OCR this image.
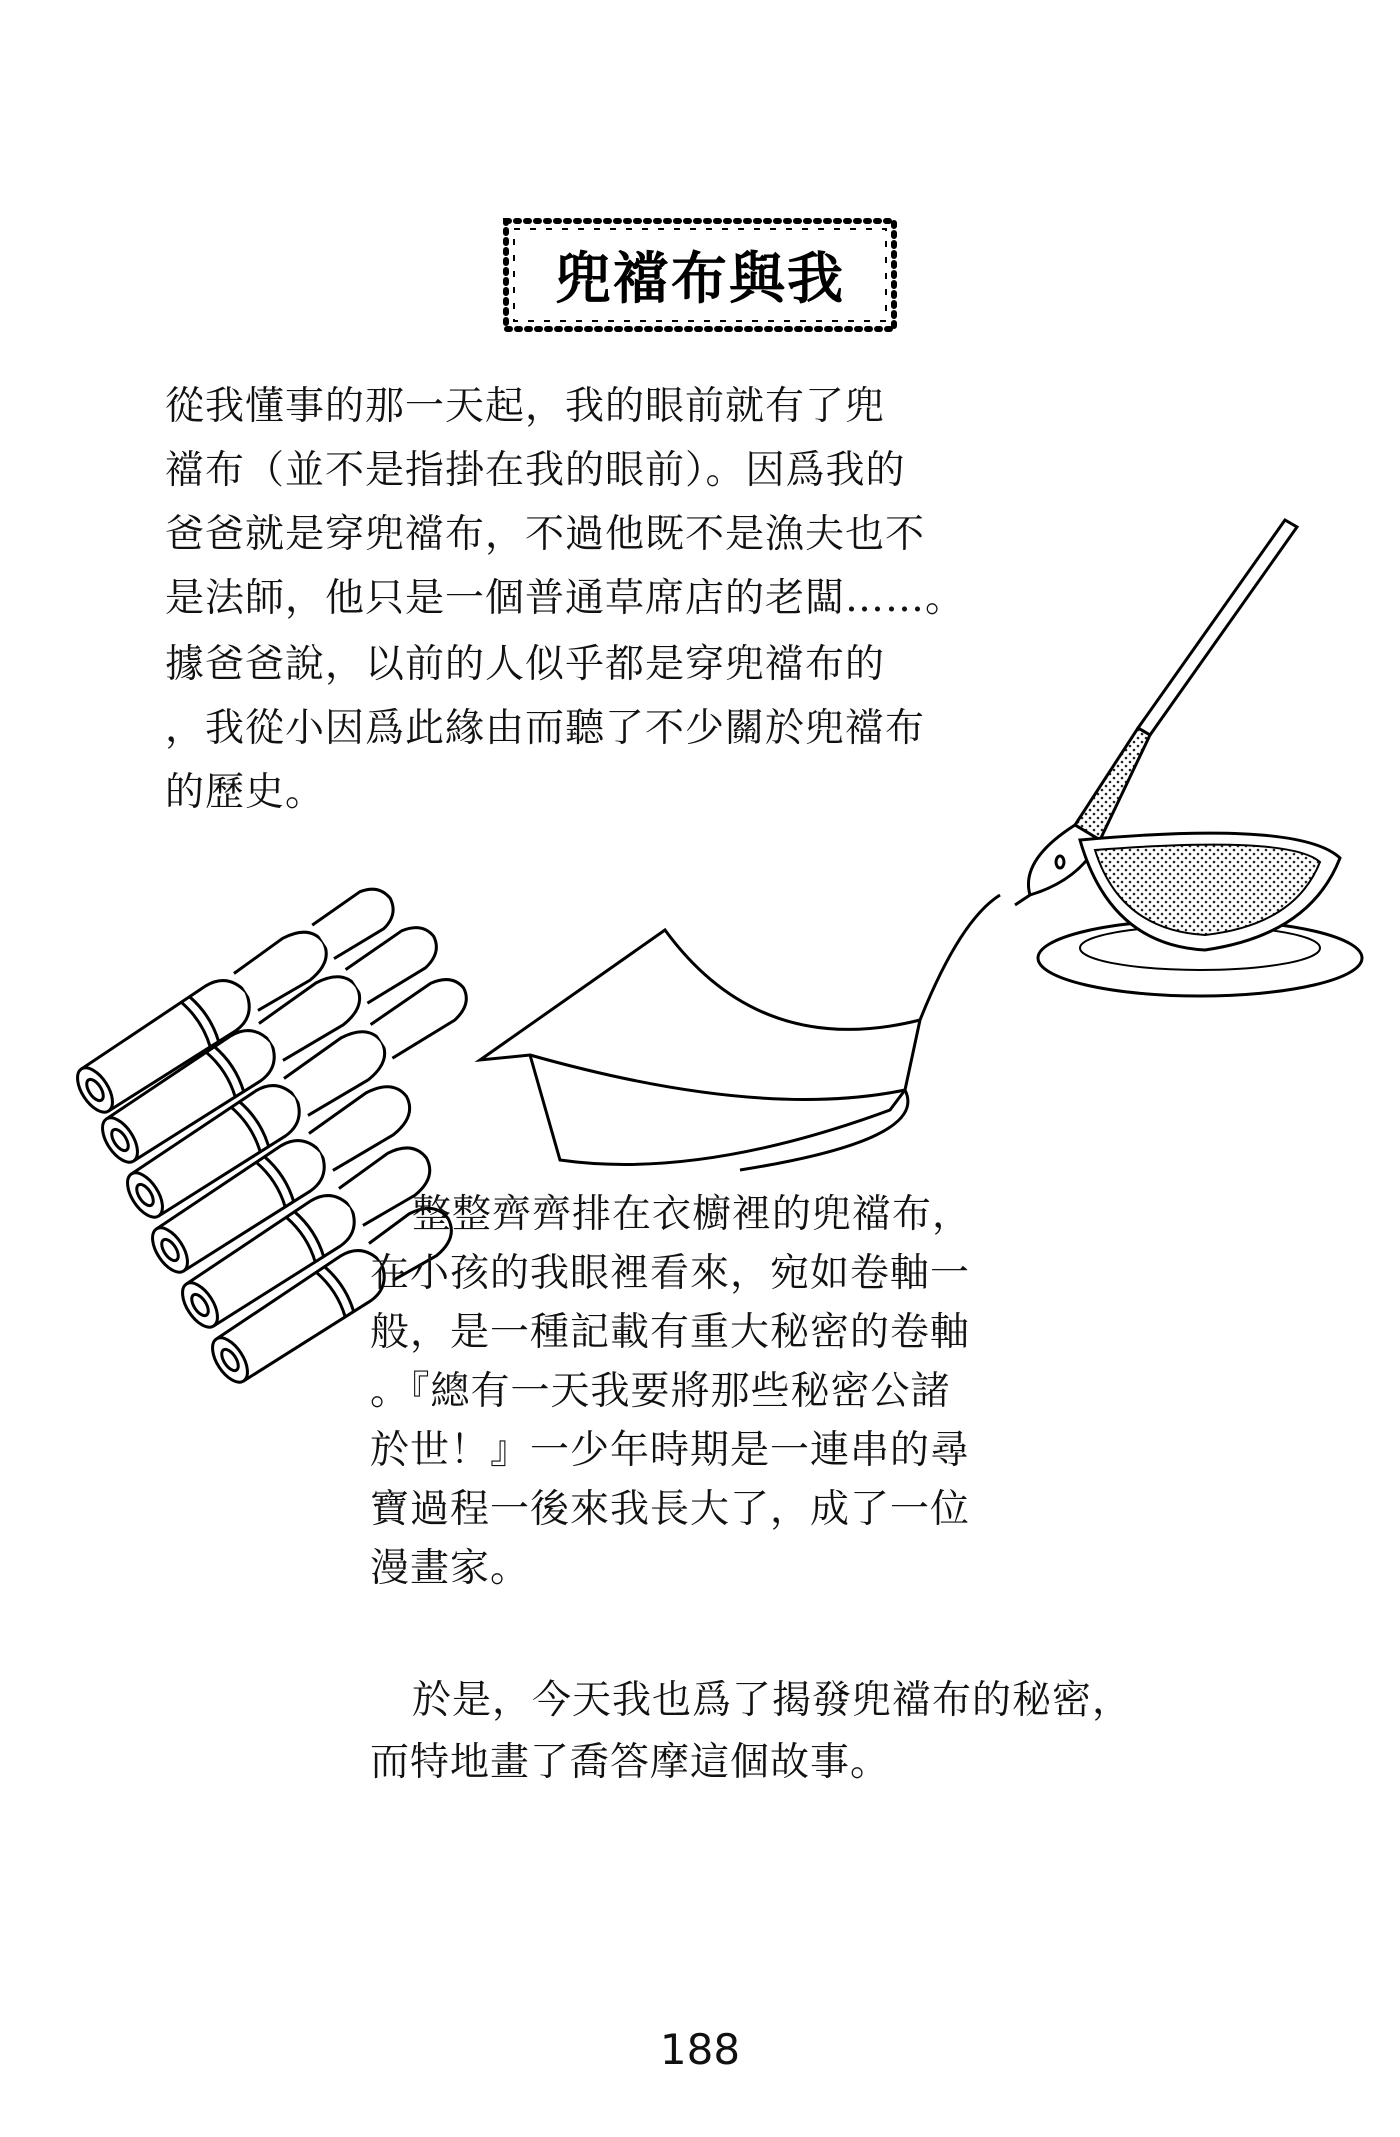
兜襠布與我
從我懂事的那一天起，我的眼前就有了兜
襠布（並不是指掛在我的眼前）。因爲我的
爸爸就是穿兜襠布，不過他既不是漁夫也不
是法師，他只是一個普通草席店的老闆……。
據爸爸說，以前的人似乎都是穿兜襠布的
，我從小因爲此緣由而聽了不少關於兜襠布
的歷史。
整整齊齊排在衣櫥裡的兜襠布，
在小孩的我眼裡看來，宛如卷軸一
般，是一種記載有重大秘密的卷軸
。『總有一天我要將那些秘密公諸
於世！』一少年時期是一連串的尋
寶過程一後來我長大了，成了一位
漫畫家。
於是，今天我也爲了揭發兜襠布的秘密，
而特地畫了喬答摩這個故事。
188
